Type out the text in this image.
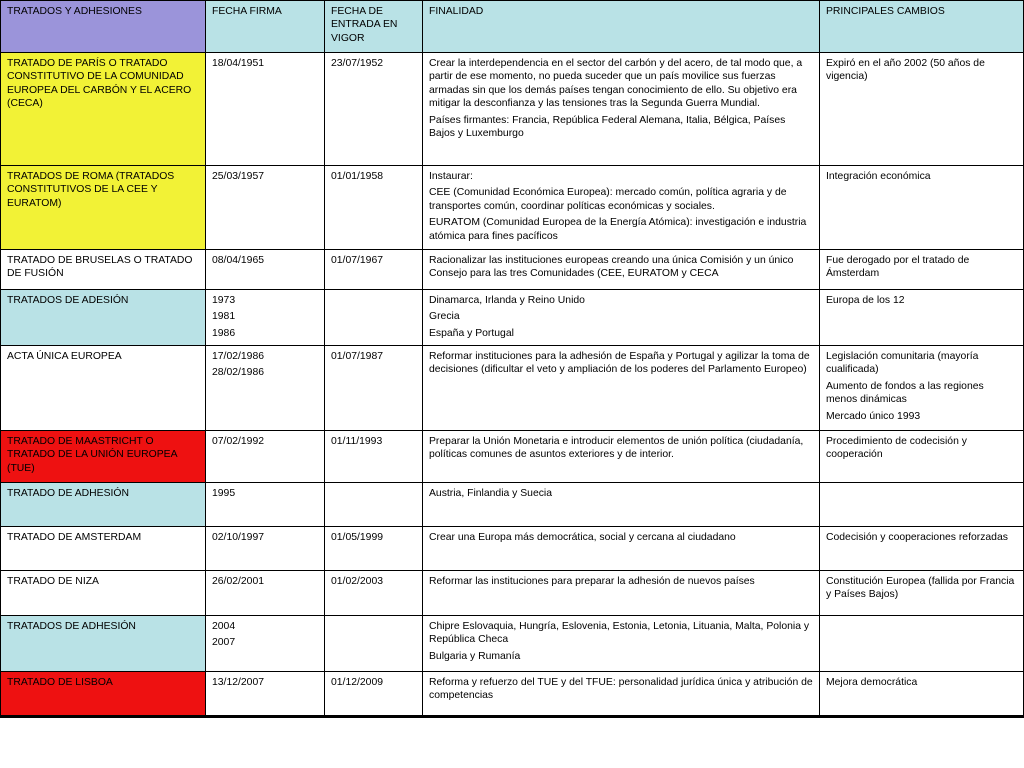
TRATADOS Y ADHESIONES	FECHA FIRMA	FECHA DE ENTRADA EN VIGOR	FINALIDAD	PRINCIPALES CAMBIOS
TRATADO DE PARÍS O TRATADO CONSTITUTIVO DE LA COMUNIDAD EUROPEA DEL CARBÓN Y EL ACERO (CECA)	18/04/1951	23/07/1952	Crear la interdependencia en el sector del carbón y del acero, de tal modo que, a partir de ese momento, no pueda suceder que un país movilice sus fuerzas armadas sin que los demás países tengan conocimiento de ello. Su objetivo era mitigar la desconfianza y las tensiones tras la Segunda Guerra Mundial.
Países firmantes: Francia, República Federal Alemana, Italia, Bélgica, Países Bajos y Luxemburgo	Expiró en el año 2002 (50 años de vigencia)

TRATADOS DE ROMA (TRATADOS CONSTITUTIVOS DE LA CEE Y EURATOM)	25/03/1957	01/01/1958	Instaurar:
CEE (Comunidad Económica Europea): mercado común, política agraria y de transportes común, coordinar políticas económicas y sociales.
EURATOM (Comunidad Europea de la Energía Atómica): investigación e industria atómica para fines pacíficos	Integración económica

TRATADO DE BRUSELAS O TRATADO DE FUSIÓN	08/04/1965	01/07/1967	Racionalizar las instituciones europeas creando una única Comisión y un único Consejo para las tres Comunidades (CEE, EURATOM y CECA	Fue derogado por el tratado de Ámsterdam

TRATADOS DE ADESIÓN	1973
1981
1986		Dinamarca, Irlanda y Reino Unido
Grecia
España y Portugal	Europa de los 12

ACTA ÚNICA EUROPEA	17/02/1986
28/02/1986	01/07/1987	Reformar instituciones para la adhesión de España y Portugal y agilizar la toma de decisiones (dificultar el veto y ampliación de los poderes del Parlamento Europeo)	Legislación comunitaria (mayoría cualificada)
Aumento de fondos a las regiones menos dinámicas
Mercado único 1993

TRATADO DE MAASTRICHT O TRATADO DE LA UNIÓN EUROPEA (TUE)	07/02/1992	01/11/1993	Preparar la Unión Monetaria e introducir elementos de unión política (ciudadanía, políticas comunes de asuntos exteriores y de interior.	Procedimiento de codecisión y cooperación

TRATADO DE ADHESIÓN	1995		Austria, Finlandia y Suecia	

TRATADO DE AMSTERDAM	02/10/1997	01/05/1999	Crear una Europa más democrática, social y cercana al ciudadano	Codecisión y cooperaciones reforzadas

TRATADO DE NIZA	26/02/2001	01/02/2003	Reformar las instituciones para preparar la adhesión de nuevos países	Constitución Europea (fallida por Francia y Países Bajos)

TRATADOS DE ADHESIÓN	2004
2007		Chipre Eslovaquia, Hungría, Eslovenia, Estonia, Letonia, Lituania, Malta, Polonia y República Checa
Bulgaria y Rumanía	

TRATADO DE LISBOA	13/12/2007	01/12/2009	Reforma y refuerzo del TUE y del TFUE: personalidad jurídica única y atribución de competencias	Mejora democrática
